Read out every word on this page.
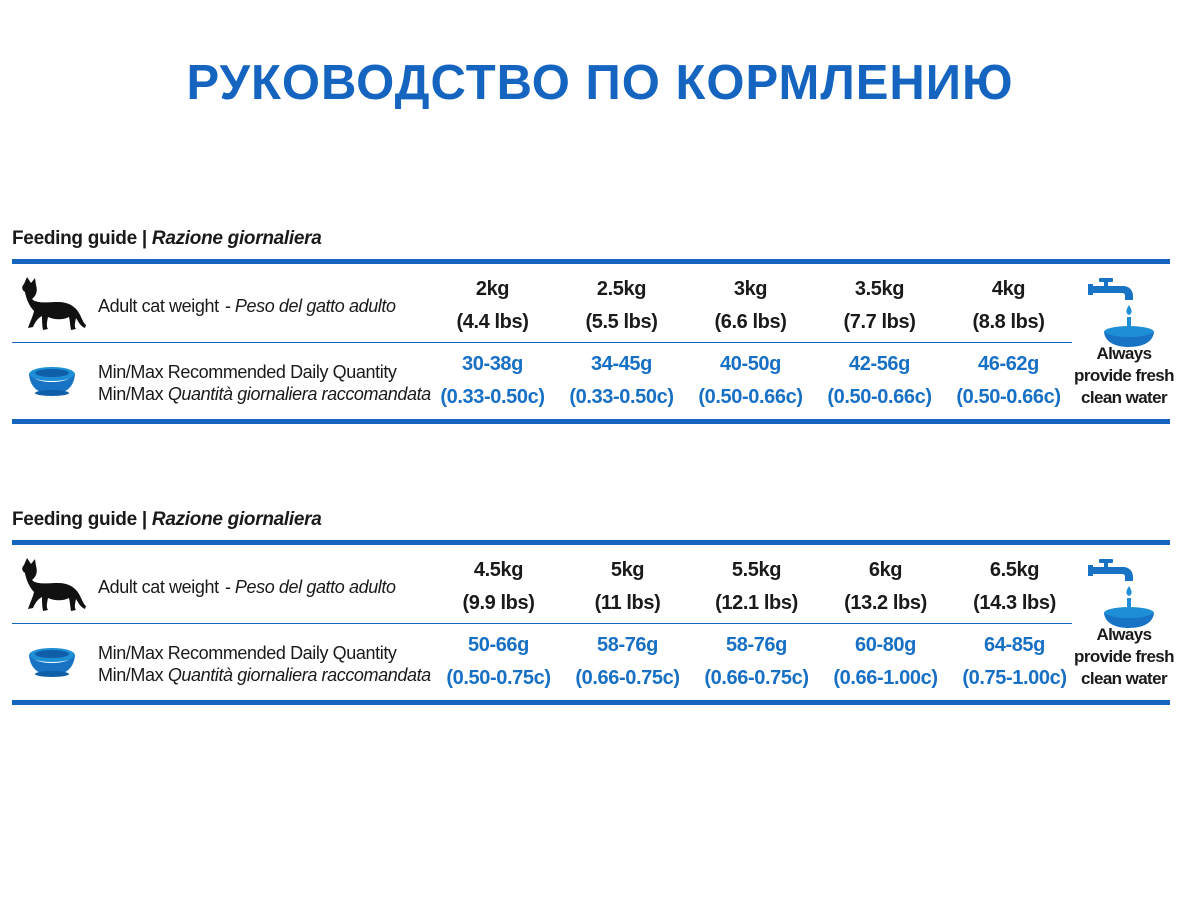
РУКОВОДСТВО ПО КОРМЛЕНИЮ
Feeding guide | Razione giornaliera
Adult cat weight - Peso del gatto adulto
2kg
(4.4 lbs)
2.5kg
(5.5 lbs)
3kg
(6.6 lbs)
3.5kg
(7.7 lbs)
4kg
(8.8 lbs)
Min/Max Recommended Daily Quantity
Min/Max Quantità giornaliera raccomandata
30-38g
(0.33-0.50c)
34-45g
(0.33-0.50c)
40-50g
(0.50-0.66c)
42-56g
(0.50-0.66c)
46-62g
(0.50-0.66c)
Always
provide fresh
clean water
Feeding guide | Razione giornaliera
Adult cat weight - Peso del gatto adulto
4.5kg
(9.9 lbs)
5kg
(11 lbs)
5.5kg
(12.1 lbs)
6kg
(13.2 lbs)
6.5kg
(14.3 lbs)
Min/Max Recommended Daily Quantity
Min/Max Quantità giornaliera raccomandata
50-66g
(0.50-0.75c)
58-76g
(0.66-0.75c)
58-76g
(0.66-0.75c)
60-80g
(0.66-1.00c)
64-85g
(0.75-1.00c)
Always
provide fresh
clean water
